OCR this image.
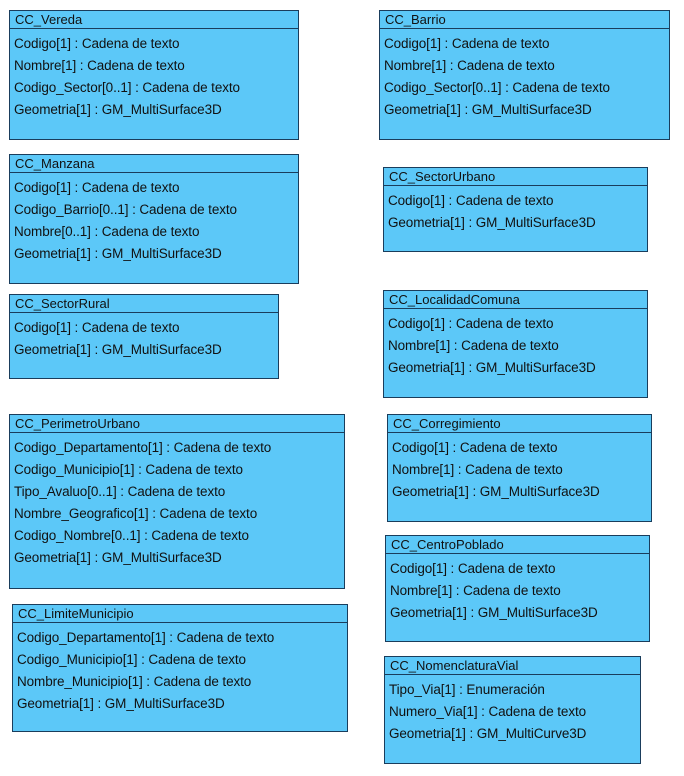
CC_Vereda
Codigo[1] : Cadena de texto
Nombre[1] : Cadena de texto
Codigo_Sector[0..1] : Cadena de texto
Geometria[1] : GM_MultiSurface3D
CC_Barrio
Codigo[1] : Cadena de texto
Nombre[1] : Cadena de texto
Codigo_Sector[0..1] : Cadena de texto
Geometria[1] : GM_MultiSurface3D
CC_Manzana
Codigo[1] : Cadena de texto
Codigo_Barrio[0..1] : Cadena de texto
Nombre[0..1] : Cadena de texto
Geometria[1] : GM_MultiSurface3D
CC_SectorUrbano
Codigo[1] : Cadena de texto
Geometria[1] : GM_MultiSurface3D
CC_SectorRural
Codigo[1] : Cadena de texto
Geometria[1] : GM_MultiSurface3D
CC_LocalidadComuna
Codigo[1] : Cadena de texto
Nombre[1] : Cadena de texto
Geometria[1] : GM_MultiSurface3D
CC_PerimetroUrbano
Codigo_Departamento[1] : Cadena de texto
Codigo_Municipio[1] : Cadena de texto
Tipo_Avaluo[0..1] : Cadena de texto
Nombre_Geografico[1] : Cadena de texto
Codigo_Nombre[0..1] : Cadena de texto
Geometria[1] : GM_MultiSurface3D
CC_Corregimiento
Codigo[1] : Cadena de texto
Nombre[1] : Cadena de texto
Geometria[1] : GM_MultiSurface3D
CC_CentroPoblado
Codigo[1] : Cadena de texto
Nombre[1] : Cadena de texto
Geometria[1] : GM_MultiSurface3D
CC_LimiteMunicipio
Codigo_Departamento[1] : Cadena de texto
Codigo_Municipio[1] : Cadena de texto
Nombre_Municipio[1] : Cadena de texto
Geometria[1] : GM_MultiSurface3D
CC_NomenclaturaVial
Tipo_Via[1] : Enumeración
Numero_Via[1] : Cadena de texto
Geometria[1] : GM_MultiCurve3D
